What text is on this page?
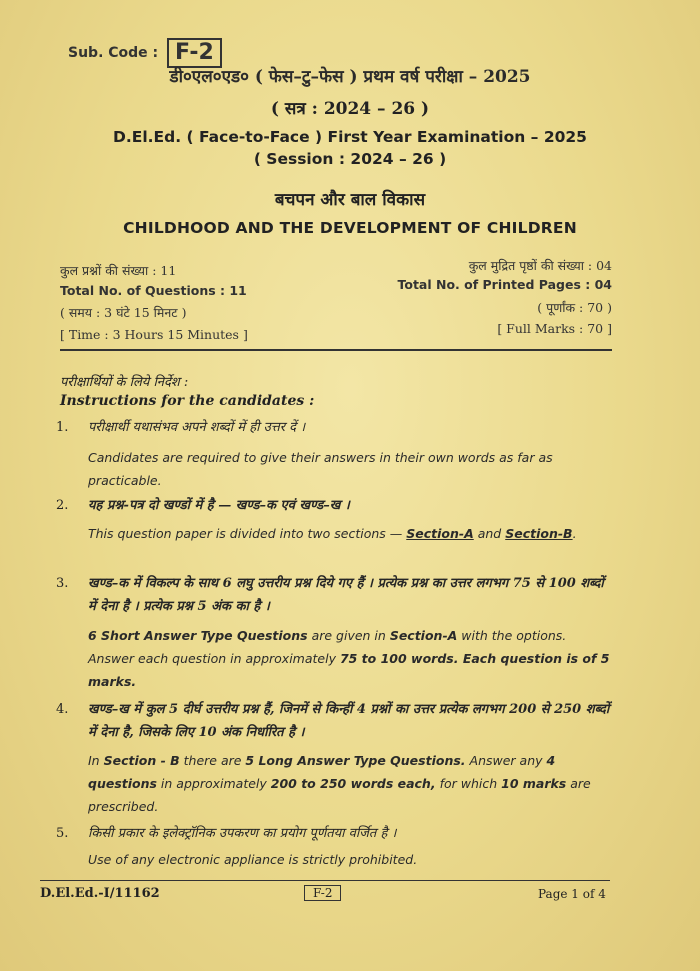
Sub. Code : F-2
डी०एल०एड० ( फेस–टु–फेस ) प्रथम वर्ष परीक्षा – 2025
( सत्र : 2024 – 26 )
D.El.Ed. ( Face-to-Face ) First Year Examination – 2025
( Session : 2024 – 26 )
बचपन और बाल विकास
CHILDHOOD AND THE DEVELOPMENT OF CHILDREN
कुल प्रश्नों की संख्या : 11
Total No. of Questions : 11
( समय : 3 घंटे 15 मिनट )
[ Time : 3 Hours 15 Minutes ]
कुल मुद्रित पृष्ठों की संख्या : 04
Total No. of Printed Pages : 04
( पूर्णांक : 70 )
[ Full Marks : 70 ]
परीक्षार्थियों के लिये निर्देश :
Instructions for the candidates :
1. परीक्षार्थी यथासंभव अपने शब्दों में ही उत्तर दें ।
Candidates are required to give their answers in their own words as far as practicable.
2. यह प्रश्न-पत्र दो खण्डों में है — खण्ड–क एवं खण्ड–ख ।
This question paper is divided into two sections — Section-A and Section-B.
3. खण्ड–क में विकल्प के साथ 6 लघु उत्तरीय प्रश्न दिये गए हैं । प्रत्येक प्रश्न का उत्तर लगभग 75 से 100 शब्दों में देना है । प्रत्येक प्रश्न 5 अंक का है ।
6 Short Answer Type Questions are given in Section-A with the options. Answer each question in approximately 75 to 100 words. Each question is of 5 marks.
4. खण्ड–ख में कुल 5 दीर्घ उत्तरीय प्रश्न हैं, जिनमें से किन्हीं 4 प्रश्नों का उत्तर प्रत्येक लगभग 200 से 250 शब्दों में देना है, जिसके लिए 10 अंक निर्धारित है ।
In Section - B there are 5 Long Answer Type Questions. Answer any 4 questions in approximately 200 to 250 words each, for which 10 marks are prescribed.
5. किसी प्रकार के इलेक्ट्रॉनिक उपकरण का प्रयोग पूर्णतया वर्जित है ।
Use of any electronic appliance is strictly prohibited.
D.El.Ed.-I/11162	F-2	Page 1 of 4
